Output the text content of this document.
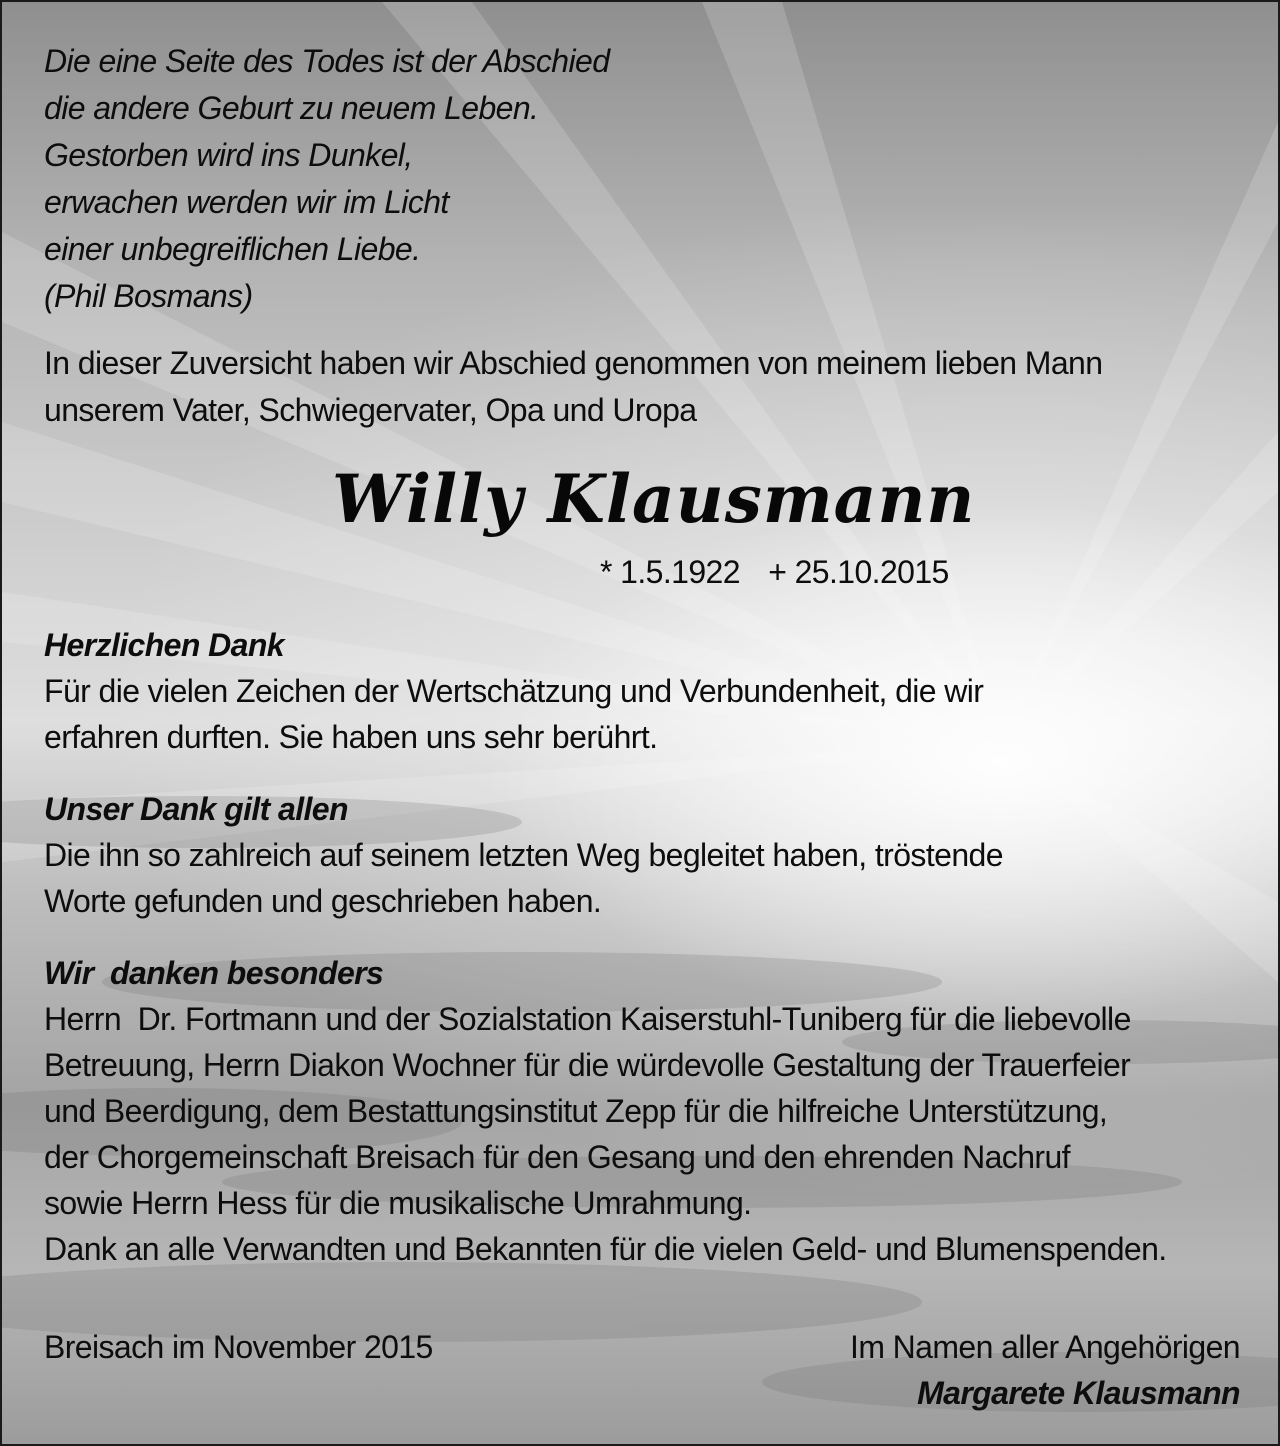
Die eine Seite des Todes ist der Abschied
die andere Geburt zu neuem Leben.
Gestorben wird ins Dunkel,
erwachen werden wir im Licht
einer unbegreiflichen Liebe.
(Phil Bosmans)
In dieser Zuversicht haben wir Abschied genommen von meinem lieben Mann
unserem Vater, Schwiegervater, Opa und Uropa
Willy Klausmann
* 1.5.1922 + 25.10.2015
Herzlichen Dank
Für die vielen Zeichen der Wertschätzung und Verbundenheit, die wir
erfahren durften. Sie haben uns sehr berührt.
Unser Dank gilt allen
Die ihn so zahlreich auf seinem letzten Weg begleitet haben, tröstende
Worte gefunden und geschrieben haben.
Wir  danken besonders
Herrn  Dr. Fortmann und der Sozialstation Kaiserstuhl-Tuniberg für die liebevolle
Betreuung, Herrn Diakon Wochner für die würdevolle Gestaltung der Trauerfeier
und Beerdigung, dem Bestattungsinstitut Zepp für die hilfreiche Unterstützung,
der Chorgemeinschaft Breisach für den Gesang und den ehrenden Nachruf
sowie Herrn Hess für die musikalische Umrahmung.
Dank an alle Verwandten und Bekannten für die vielen Geld- und Blumenspenden.
Breisach im November 2015	Im Namen aller Angehörigen
Margarete Klausmann
